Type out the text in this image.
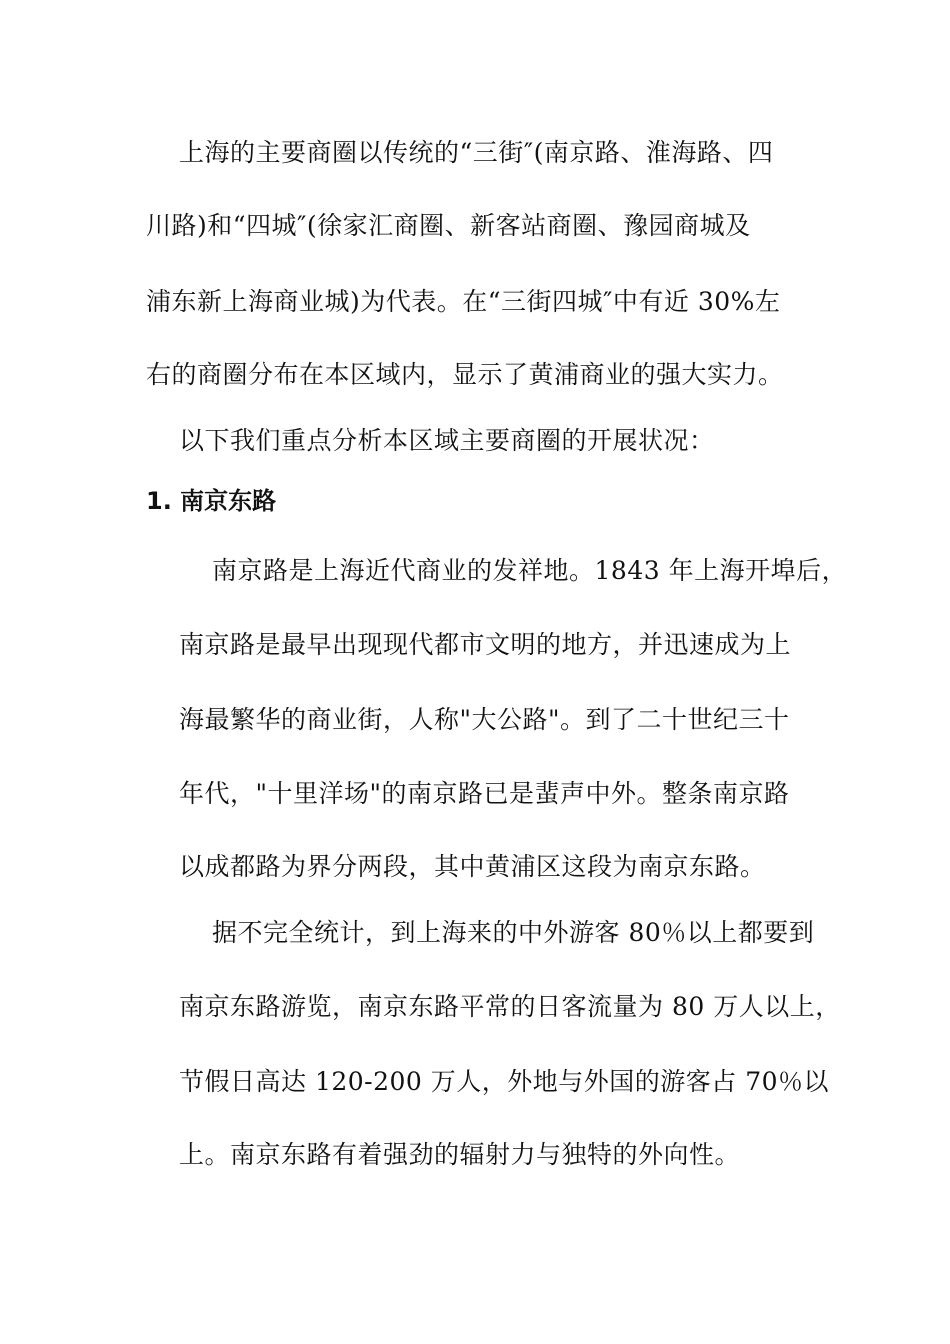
上海的主要商圈以传统的“三街″(南京路、淮海路、四
川路)和“四城″(徐家汇商圈、新客站商圈、豫园商城及
浦东新上海商业城)为代表。在“三街四城″中有近 30%左
右的商圈分布在本区域内，显示了黄浦商业的强大实力。
以下我们重点分析本区域主要商圈的开展状况：
1. 南京东路
南京路是上海近代商业的发祥地。1843 年上海开埠后，
南京路是最早出现现代都市文明的地方，并迅速成为上
海最繁华的商业街，人称"大公路"。到了二十世纪三十
年代，"十里洋场"的南京路已是蜚声中外。整条南京路
以成都路为界分两段，其中黄浦区这段为南京东路。
据不完全统计，到上海来的中外游客 80％以上都要到
南京东路游览，南京东路平常的日客流量为 80 万人以上，
节假日高达 120-200 万人，外地与外国的游客占 70％以
上。南京东路有着强劲的辐射力与独特的外向性。
